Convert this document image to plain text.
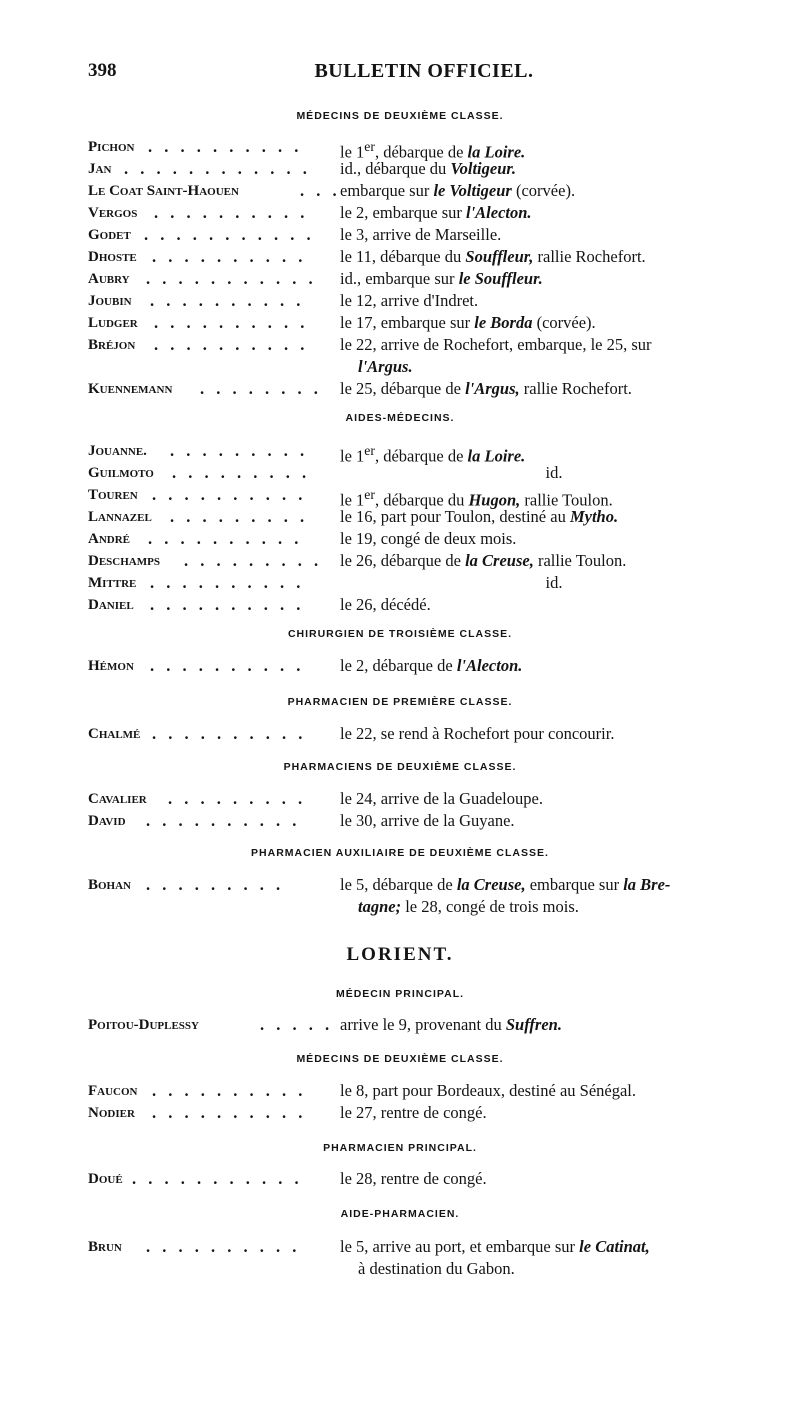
398	BULLETIN OFFICIEL.
MÉDECINS DE DEUXIÈME CLASSE.
Pichon . . . . . . . . . . le 1er, débarque de la Loire.
Jan . . . . . . . . . . . . id., débarque du Voltigeur.
Le Coat Saint-Haouen	. . . embarque sur le Voltigeur (corvée).
Vergos . . . . . . . . . . le 2, embarque sur l'Alecton.
Godet . . . . . . . . . . . le 3, arrive de Marseille.
Dhoste . . . . . . . . . . le 11, débarque du Souffleur, rallie Rochefort.
Aubry . . . . . . . . . . . id., embarque sur le Souffleur.
Joubin . . . . . . . . . . le 12, arrive d'Indret.
Ludger . . . . . . . . . . le 17, embarque sur le Borda (corvée).
Bréjon . . . . . . . . . . le 22, arrive de Rochefort, embarque, le 25, sur
l'Argus.
Kuennemann . . . . . . . . le 25, débarque de l'Argus, rallie Rochefort.
AIDES-MÉDECINS.
Jouanne. . . . . . . . . . le 1er, débarque de la Loire.
Guilmoto . . . . . . . . .	id.
Touren . . . . . . . . . . le 1er, débarque du Hugon, rallie Toulon.
Lannazel . . . . . . . . . le 16, part pour Toulon, destiné au Mytho.
André . . . . . . . . . . le 19, congé de deux mois.
Deschamps . . . . . . . . . le 26, débarque de la Creuse, rallie Toulon.
Mittre . . . . . . . . . .	id.
Daniel . . . . . . . . . . le 26, décédé.
CHIRURGIEN DE TROISIÈME CLASSE.
Hémon . . . . . . . . . . le 2, débarque de l'Alecton.
PHARMACIEN DE PREMIÈRE CLASSE.
Chalmé . . . . . . . . . . le 22, se rend à Rochefort pour concourir.
PHARMACIENS DE DEUXIÈME CLASSE.
Cavalier . . . . . . . . . le 24, arrive de la Guadeloupe.
David . . . . . . . . . . le 30, arrive de la Guyane.
PHARMACIEN AUXILIAIRE DE DEUXIÈME CLASSE.
Bohan . . . . . . . . .	le 5, débarque de la Creuse, embarque sur la Bre-
tagne; le 28, congé de trois mois.
LORIENT.
MÉDECIN PRINCIPAL.
Poitou-Duplessy	. . . . . arrive le 9, provenant du Suffren.
MÉDECINS DE DEUXIÈME CLASSE.
Faucon . . . . . . . . . . le 8, part pour Bordeaux, destiné au Sénégal.
Nodier . . . . . . . . . . le 27, rentre de congé.
PHARMACIEN PRINCIPAL.
Doué . . . . . . . . . . . le 28, rentre de congé.
AIDE-PHARMACIEN.
Brun . . . . . . . . . . le 5, arrive au port, et embarque sur le Catinat,
à destination du Gabon.
